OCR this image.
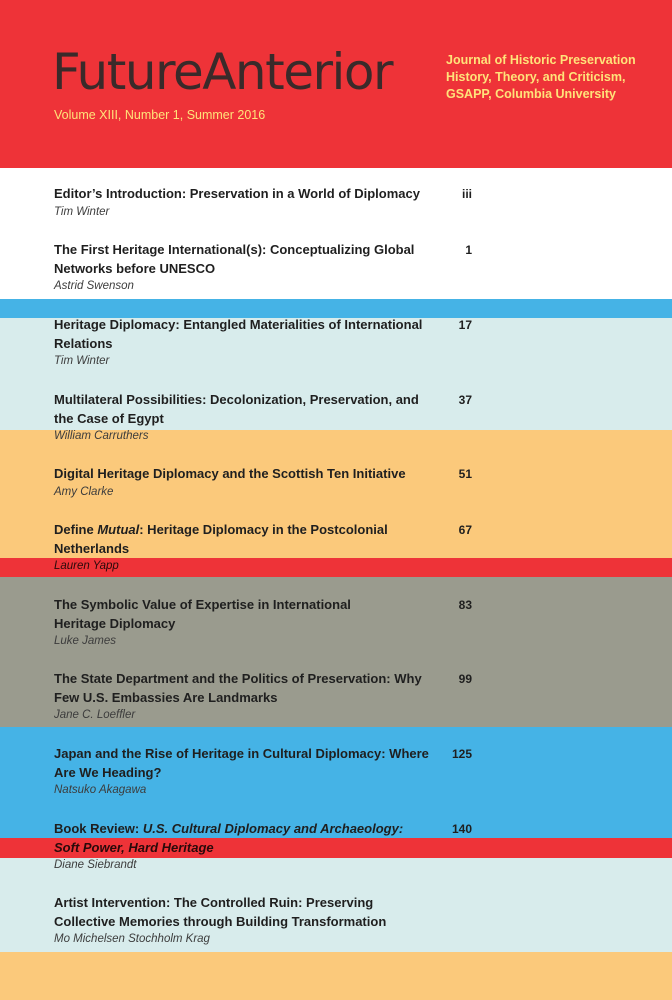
FutureAnterior
Volume XIII, Number 1, Summer 2016
Journal of Historic Preservation
History, Theory, and Criticism,
GSAPP, Columbia University
Editor’s Introduction: Preservation in a World of Diplomacy
Tim Winter
iii
The First Heritage International(s): Conceptualizing Global Networks before UNESCO
Astrid Swenson
1
Heritage Diplomacy: Entangled Materialities of International Relations
Tim Winter
17
Multilateral Possibilities: Decolonization, Preservation, and the Case of Egypt
William Carruthers
37
Digital Heritage Diplomacy and the Scottish Ten Initiative
Amy Clarke
51
Define Mutual: Heritage Diplomacy in the Postcolonial Netherlands
Lauren Yapp
67
The Symbolic Value of Expertise in International Heritage Diplomacy
Luke James
83
The State Department and the Politics of Preservation: Why Few U.S. Embassies Are Landmarks
Jane C. Loeffler
99
Japan and the Rise of Heritage in Cultural Diplomacy: Where Are We Heading?
Natsuko Akagawa
125
Book Review: U.S. Cultural Diplomacy and Archaeology:
Soft Power, Hard Heritage
Diane Siebrandt
140
Artist Intervention: The Controlled Ruin: Preserving Collective Memories through Building Transformation
Mo Michelsen Stochholm Krag
